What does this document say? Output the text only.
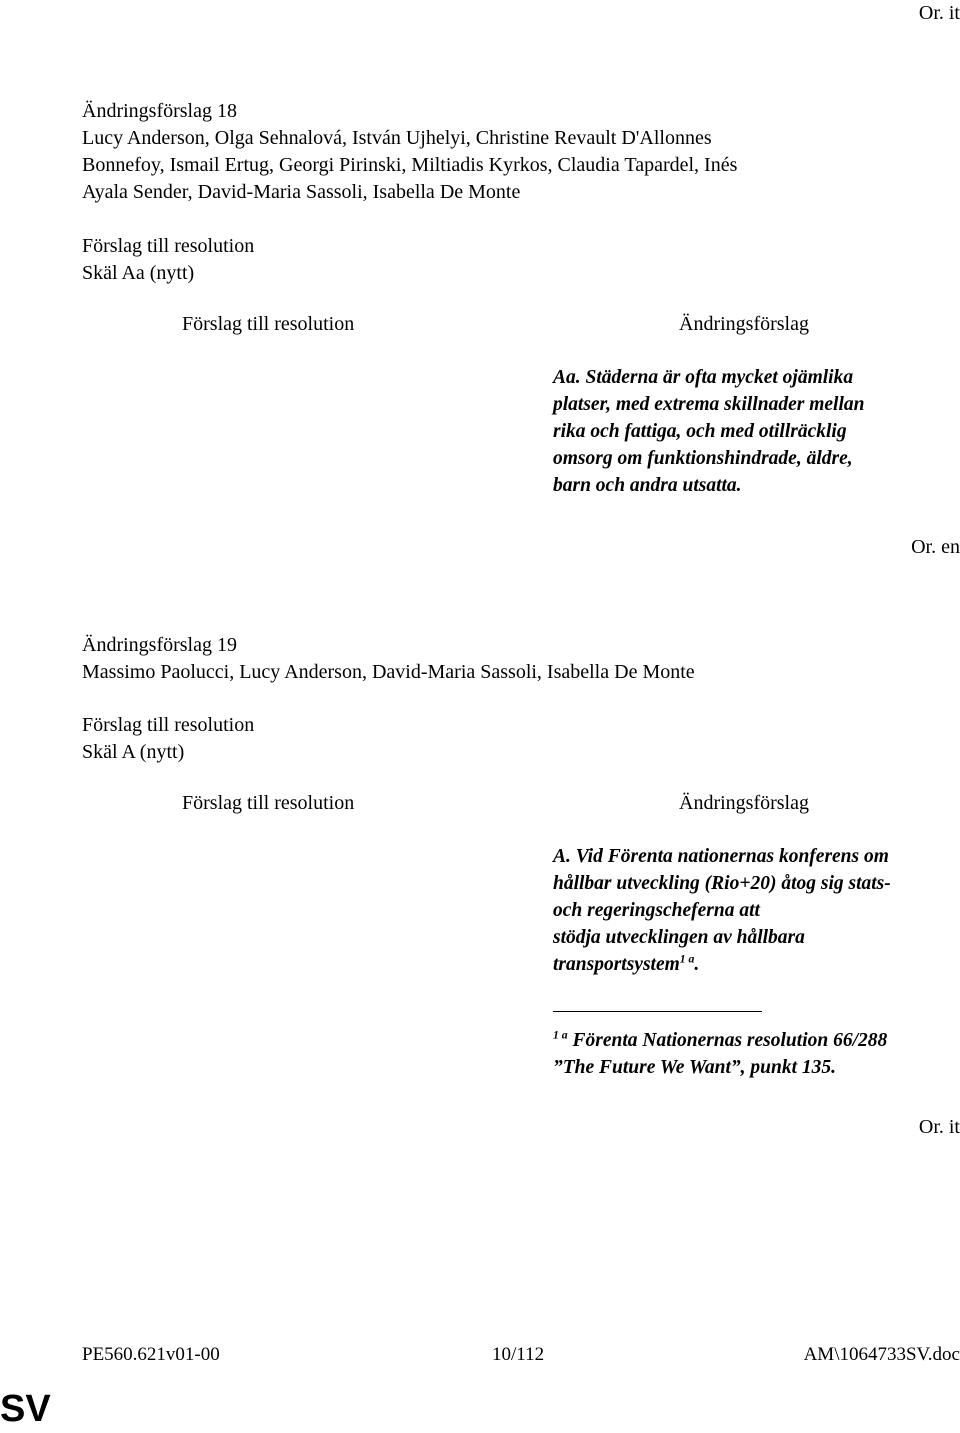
Or. it
Ändringsförslag 18
Lucy Anderson, Olga Sehnalová, István Ujhelyi, Christine Revault D'Allonnes
Bonnefoy, Ismail Ertug, Georgi Pirinski, Miltiadis Kyrkos, Claudia Tapardel, Inés
Ayala Sender, David-Maria Sassoli, Isabella De Monte
Förslag till resolution
Skäl Aa (nytt)
Förslag till resolution	Ändringsförslag
Aa. Städerna är ofta mycket ojämlika
platser, med extrema skillnader mellan
rika och fattiga, och med otillräcklig
omsorg om funktionshindrade, äldre,
barn och andra utsatta.
Or. en
Ändringsförslag 19
Massimo Paolucci, Lucy Anderson, David-Maria Sassoli, Isabella De Monte
Förslag till resolution
Skäl A (nytt)
Förslag till resolution	Ändringsförslag
A. Vid Förenta nationernas konferens om
hållbar utveckling (Rio+20) åtog sig stats-
och regeringscheferna att
stödja utvecklingen av hållbara
transportsystem$^{1 a}$.
$^{1 a}$ Förenta Nationernas resolution 66/288
”The Future We Want”, punkt 135.
Or. it
PE560.621v01-00	10/112	AM\1064733SV.doc
SV
